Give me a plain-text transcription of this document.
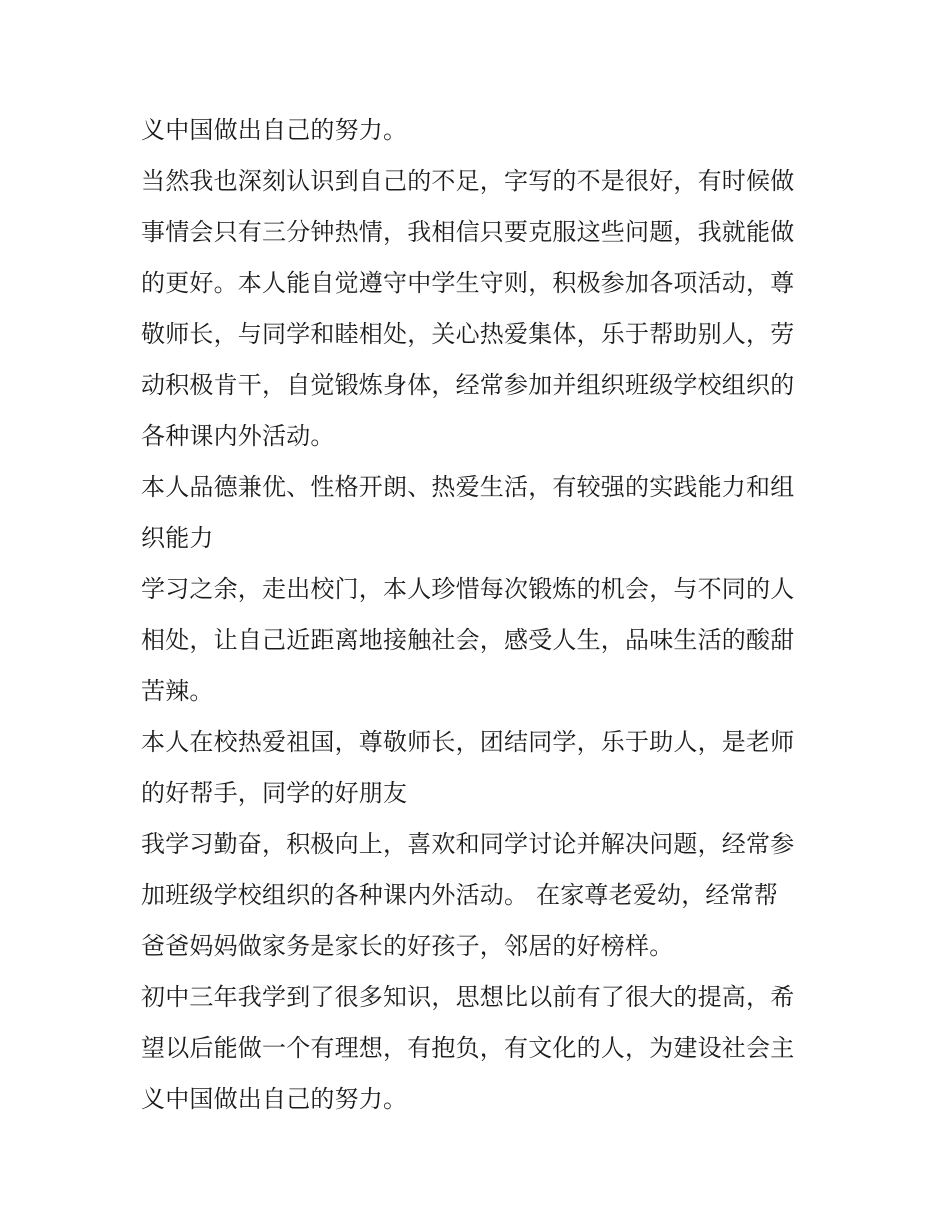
义中国做出自己的努力。
当然我也深刻认识到自己的不足，字写的不是很好，有时候做
事情会只有三分钟热情，我相信只要克服这些问题，我就能做
的更好。本人能自觉遵守中学生守则，积极参加各项活动，尊
敬师长，与同学和睦相处，关心热爱集体，乐于帮助别人，劳
动积极肯干，自觉锻炼身体，经常参加并组织班级学校组织的
各种课内外活动。
本人品德兼优、性格开朗、热爱生活，有较强的实践能力和组
织能力
学习之余，走出校门，本人珍惜每次锻炼的机会，与不同的人
相处，让自己近距离地接触社会，感受人生，品味生活的酸甜
苦辣。
本人在校热爱祖国，尊敬师长，团结同学，乐于助人，是老师
的好帮手，同学的好朋友
我学习勤奋，积极向上，喜欢和同学讨论并解决问题，经常参
加班级学校组织的各种课内外活动。 在家尊老爱幼，经常帮
爸爸妈妈做家务是家长的好孩子，邻居的好榜样。
初中三年我学到了很多知识，思想比以前有了很大的提高，希
望以后能做一个有理想，有抱负，有文化的人，为建设社会主
义中国做出自己的努力。
